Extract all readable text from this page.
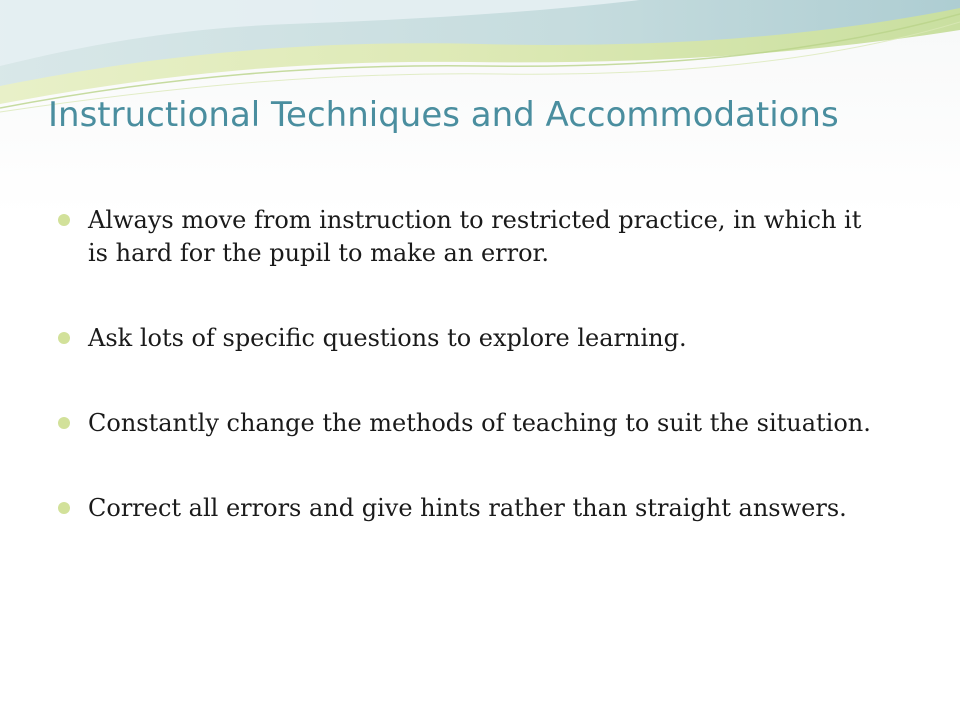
Instructional Techniques and Accommodations
Always move from instruction to restricted practice, in which it is hard for the pupil to make an error.
Ask lots of specific questions to explore learning.
Constantly change the methods of teaching to suit the situation.
Correct all errors and give hints rather than straight answers.
